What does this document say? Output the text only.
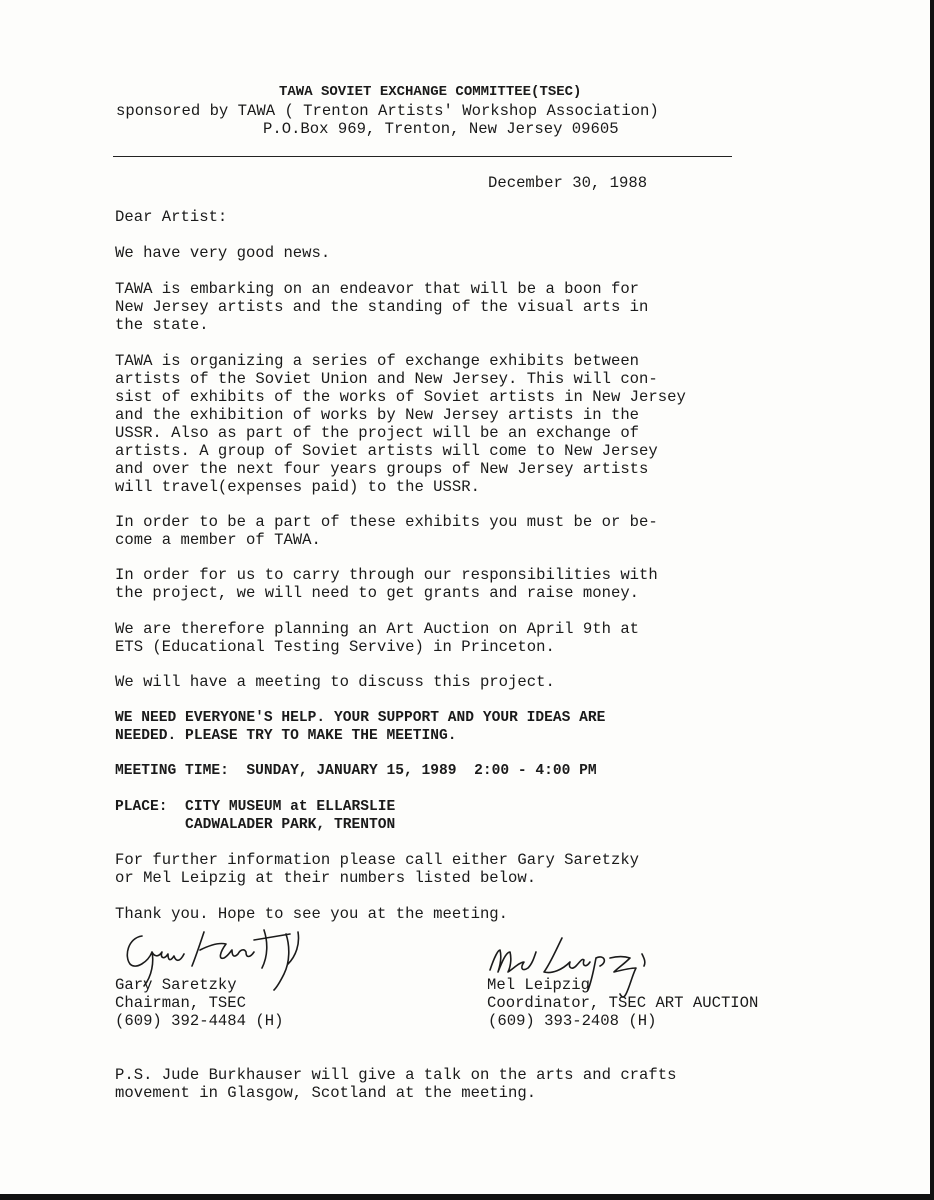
TAWA SOVIET EXCHANGE COMMITTEE(TSEC)

sponsored by TAWA ( Trenton Artists' Workshop Association)

P.O.Box 969, Trenton, New Jersey 09605

December 30, 1988

Dear Artist:

We have very good news.

TAWA is embarking on an endeavor that will be a boon for
New Jersey artists and the standing of the visual arts in
the state.

TAWA is organizing a series of exchange exhibits between
artists of the Soviet Union and New Jersey. This will con-
sist of exhibits of the works of Soviet artists in New Jersey
and the exhibition of works by New Jersey artists in the
USSR. Also as part of the project will be an exchange of
artists. A group of Soviet artists will come to New Jersey
and over the next four years groups of New Jersey artists
will travel(expenses paid) to the USSR.

In order to be a part of these exhibits you must be or be-
come a member of TAWA.

In order for us to carry through our responsibilities with
the project, we will need to get grants and raise money.

We are therefore planning an Art Auction on April 9th at
ETS (Educational Testing Servive) in Princeton.

We will have a meeting to discuss this project.

WE NEED EVERYONE'S HELP. YOUR SUPPORT AND YOUR IDEAS ARE
NEEDED. PLEASE TRY TO MAKE THE MEETING.

MEETING TIME:  SUNDAY, JANUARY 15, 1989  2:00 - 4:00 PM

PLACE:  CITY MUSEUM at ELLARSLIE
CADWALADER PARK, TRENTON

For further information please call either Gary Saretzky
or Mel Leipzig at their numbers listed below.

Thank you. Hope to see you at the meeting.

Gary Saretzky

Chairman, TSEC

(609) 392-4484 (H)

Mel Leipzig

Coordinator, TSEC ART AUCTION

(609) 393-2408 (H)

P.S. Jude Burkhauser will give a talk on the arts and crafts
movement in Glasgow, Scotland at the meeting.
